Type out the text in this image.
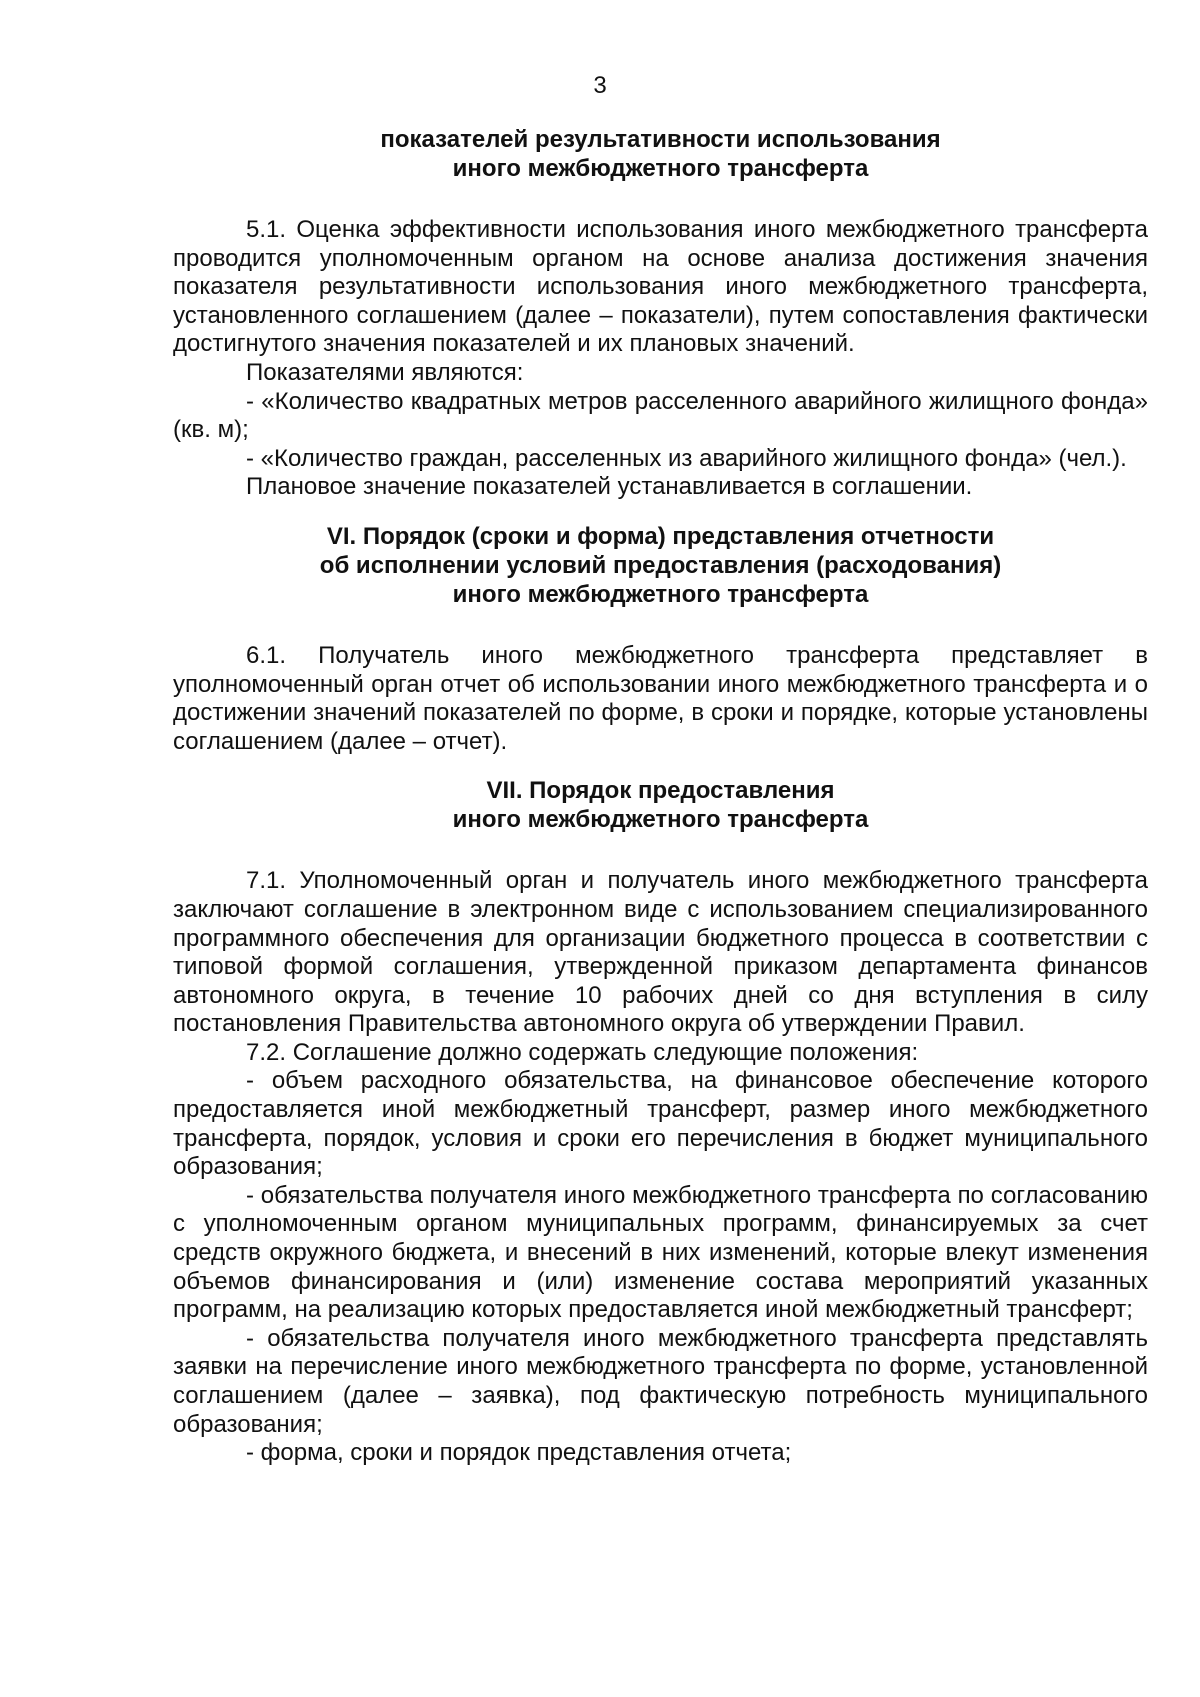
3
показателей результативности использования
иного межбюджетного трансферта

5.1. Оценка эффективности использования иного межбюджетного трансферта проводится уполномоченным органом на основе анализа достижения значения показателя результативности использования иного межбюджетного трансферта, установленного соглашением (далее – показатели), путем сопоставления фактически достигнутого значения показателей и их плановых значений.

Показателями являются:

- «Количество квадратных метров расселенного аварийного жилищного фонда» (кв. м);

- «Количество граждан, расселенных из аварийного жилищного фонда» (чел.).

Плановое значение показателей устанавливается в соглашении.

VI. Порядок (сроки и форма) представления отчетности
об исполнении условий предоставления (расходования)
иного межбюджетного трансферта

6.1. Получатель иного межбюджетного трансферта представляет в уполномоченный орган отчет об использовании иного межбюджетного трансферта и о достижении значений показателей по форме, в сроки и порядке, которые установлены соглашением (далее – отчет).

VII. Порядок предоставления
иного межбюджетного трансферта

7.1. Уполномоченный орган и получатель иного межбюджетного трансферта заключают соглашение в электронном виде с использованием специализированного программного обеспечения для организации бюджетного процесса в соответствии с типовой формой соглашения, утвержденной приказом департамента финансов автономного округа, в течение 10 рабочих дней со дня вступления в силу постановления Правительства автономного округа об утверждении Правил.

7.2. Соглашение должно содержать следующие положения:

- объем расходного обязательства, на финансовое обеспечение которого предоставляется иной межбюджетный трансферт, размер иного межбюджетного трансферта, порядок, условия и сроки его перечисления в бюджет муниципального образования;

- обязательства получателя иного межбюджетного трансферта по согласованию с уполномоченным органом муниципальных программ, финансируемых за счет средств окружного бюджета, и внесений в них изменений, которые влекут изменения объемов финансирования и (или) изменение состава мероприятий указанных программ, на реализацию которых предоставляется иной межбюджетный трансферт;

- обязательства получателя иного межбюджетного трансферта представлять заявки на перечисление иного межбюджетного трансферта по форме, установленной соглашением (далее – заявка), под фактическую потребность муниципального образования;

- форма, сроки и порядок представления отчета;
